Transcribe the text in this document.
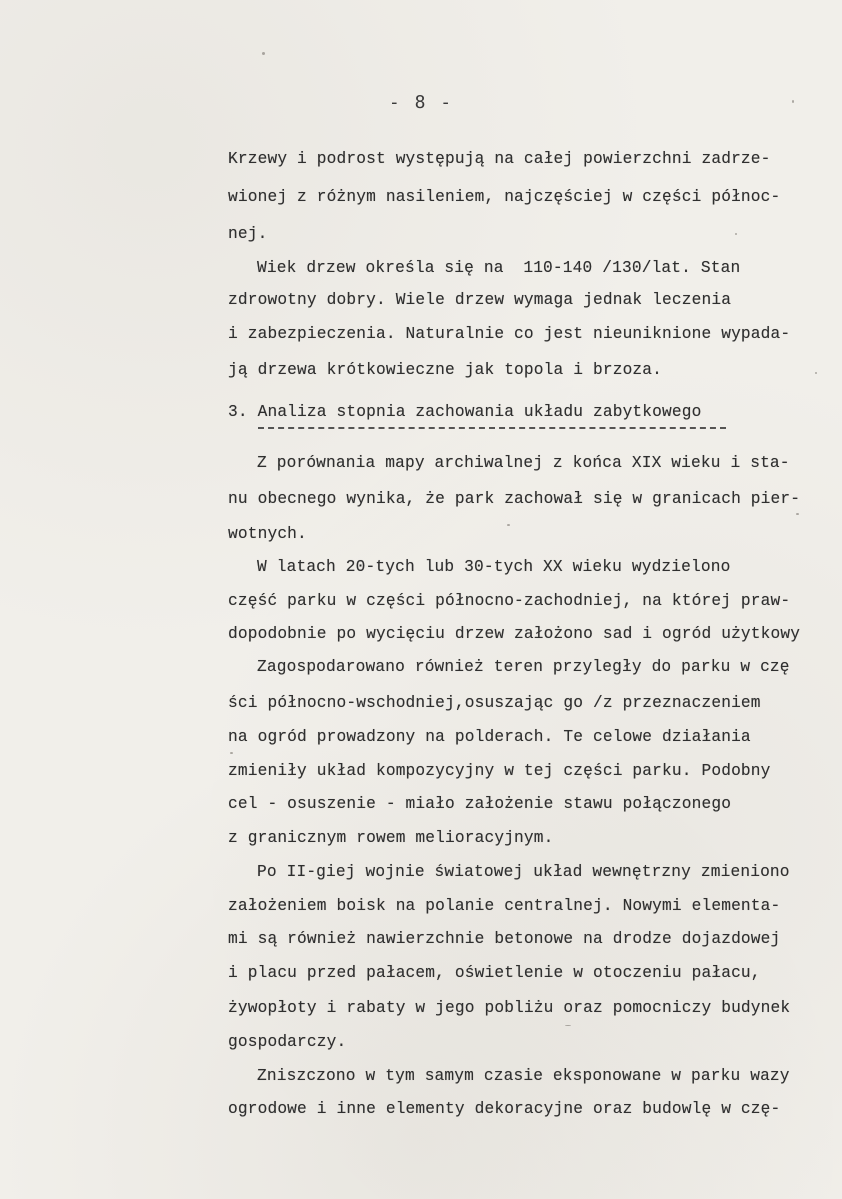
- 8 -
Krzewy i podrost występują na całej powierzchni zadrze-
wionej z różnym nasileniem, najczęściej w części północ-
nej.
Wiek drzew określa się na  110-140 /130/lat. Stan
zdrowotny dobry. Wiele drzew wymaga jednak leczenia
i zabezpieczenia. Naturalnie co jest nieuniknione wypada-
ją drzewa krótkowieczne jak topola i brzoza.
3. Analiza stopnia zachowania układu zabytkowego
Z porównania mapy archiwalnej z końca XIX wieku i sta-
nu obecnego wynika, że park zachował się w granicach pier-
wotnych.
W latach 20-tych lub 30-tych XX wieku wydzielono
część parku w części północno-zachodniej, na której praw-
dopodobnie po wycięciu drzew założono sad i ogród użytkowy
Zagospodarowano również teren przyległy do parku w czę
ści północno-wschodniej,osuszając go /z przeznaczeniem
na ogród prowadzony na polderach. Te celowe działania
zmieniły układ kompozycyjny w tej części parku. Podobny
cel - osuszenie - miało założenie stawu połączonego
z granicznym rowem melioracyjnym.
Po II-giej wojnie światowej układ wewnętrzny zmieniono
założeniem boisk na polanie centralnej. Nowymi elementa-
mi są również nawierzchnie betonowe na drodze dojazdowej
i placu przed pałacem, oświetlenie w otoczeniu pałacu,
żywopłoty i rabaty w jego pobliżu oraz pomocniczy budynek
gospodarczy.
Zniszczono w tym samym czasie eksponowane w parku wazy
ogrodowe i inne elementy dekoracyjne oraz budowlę w czę-
